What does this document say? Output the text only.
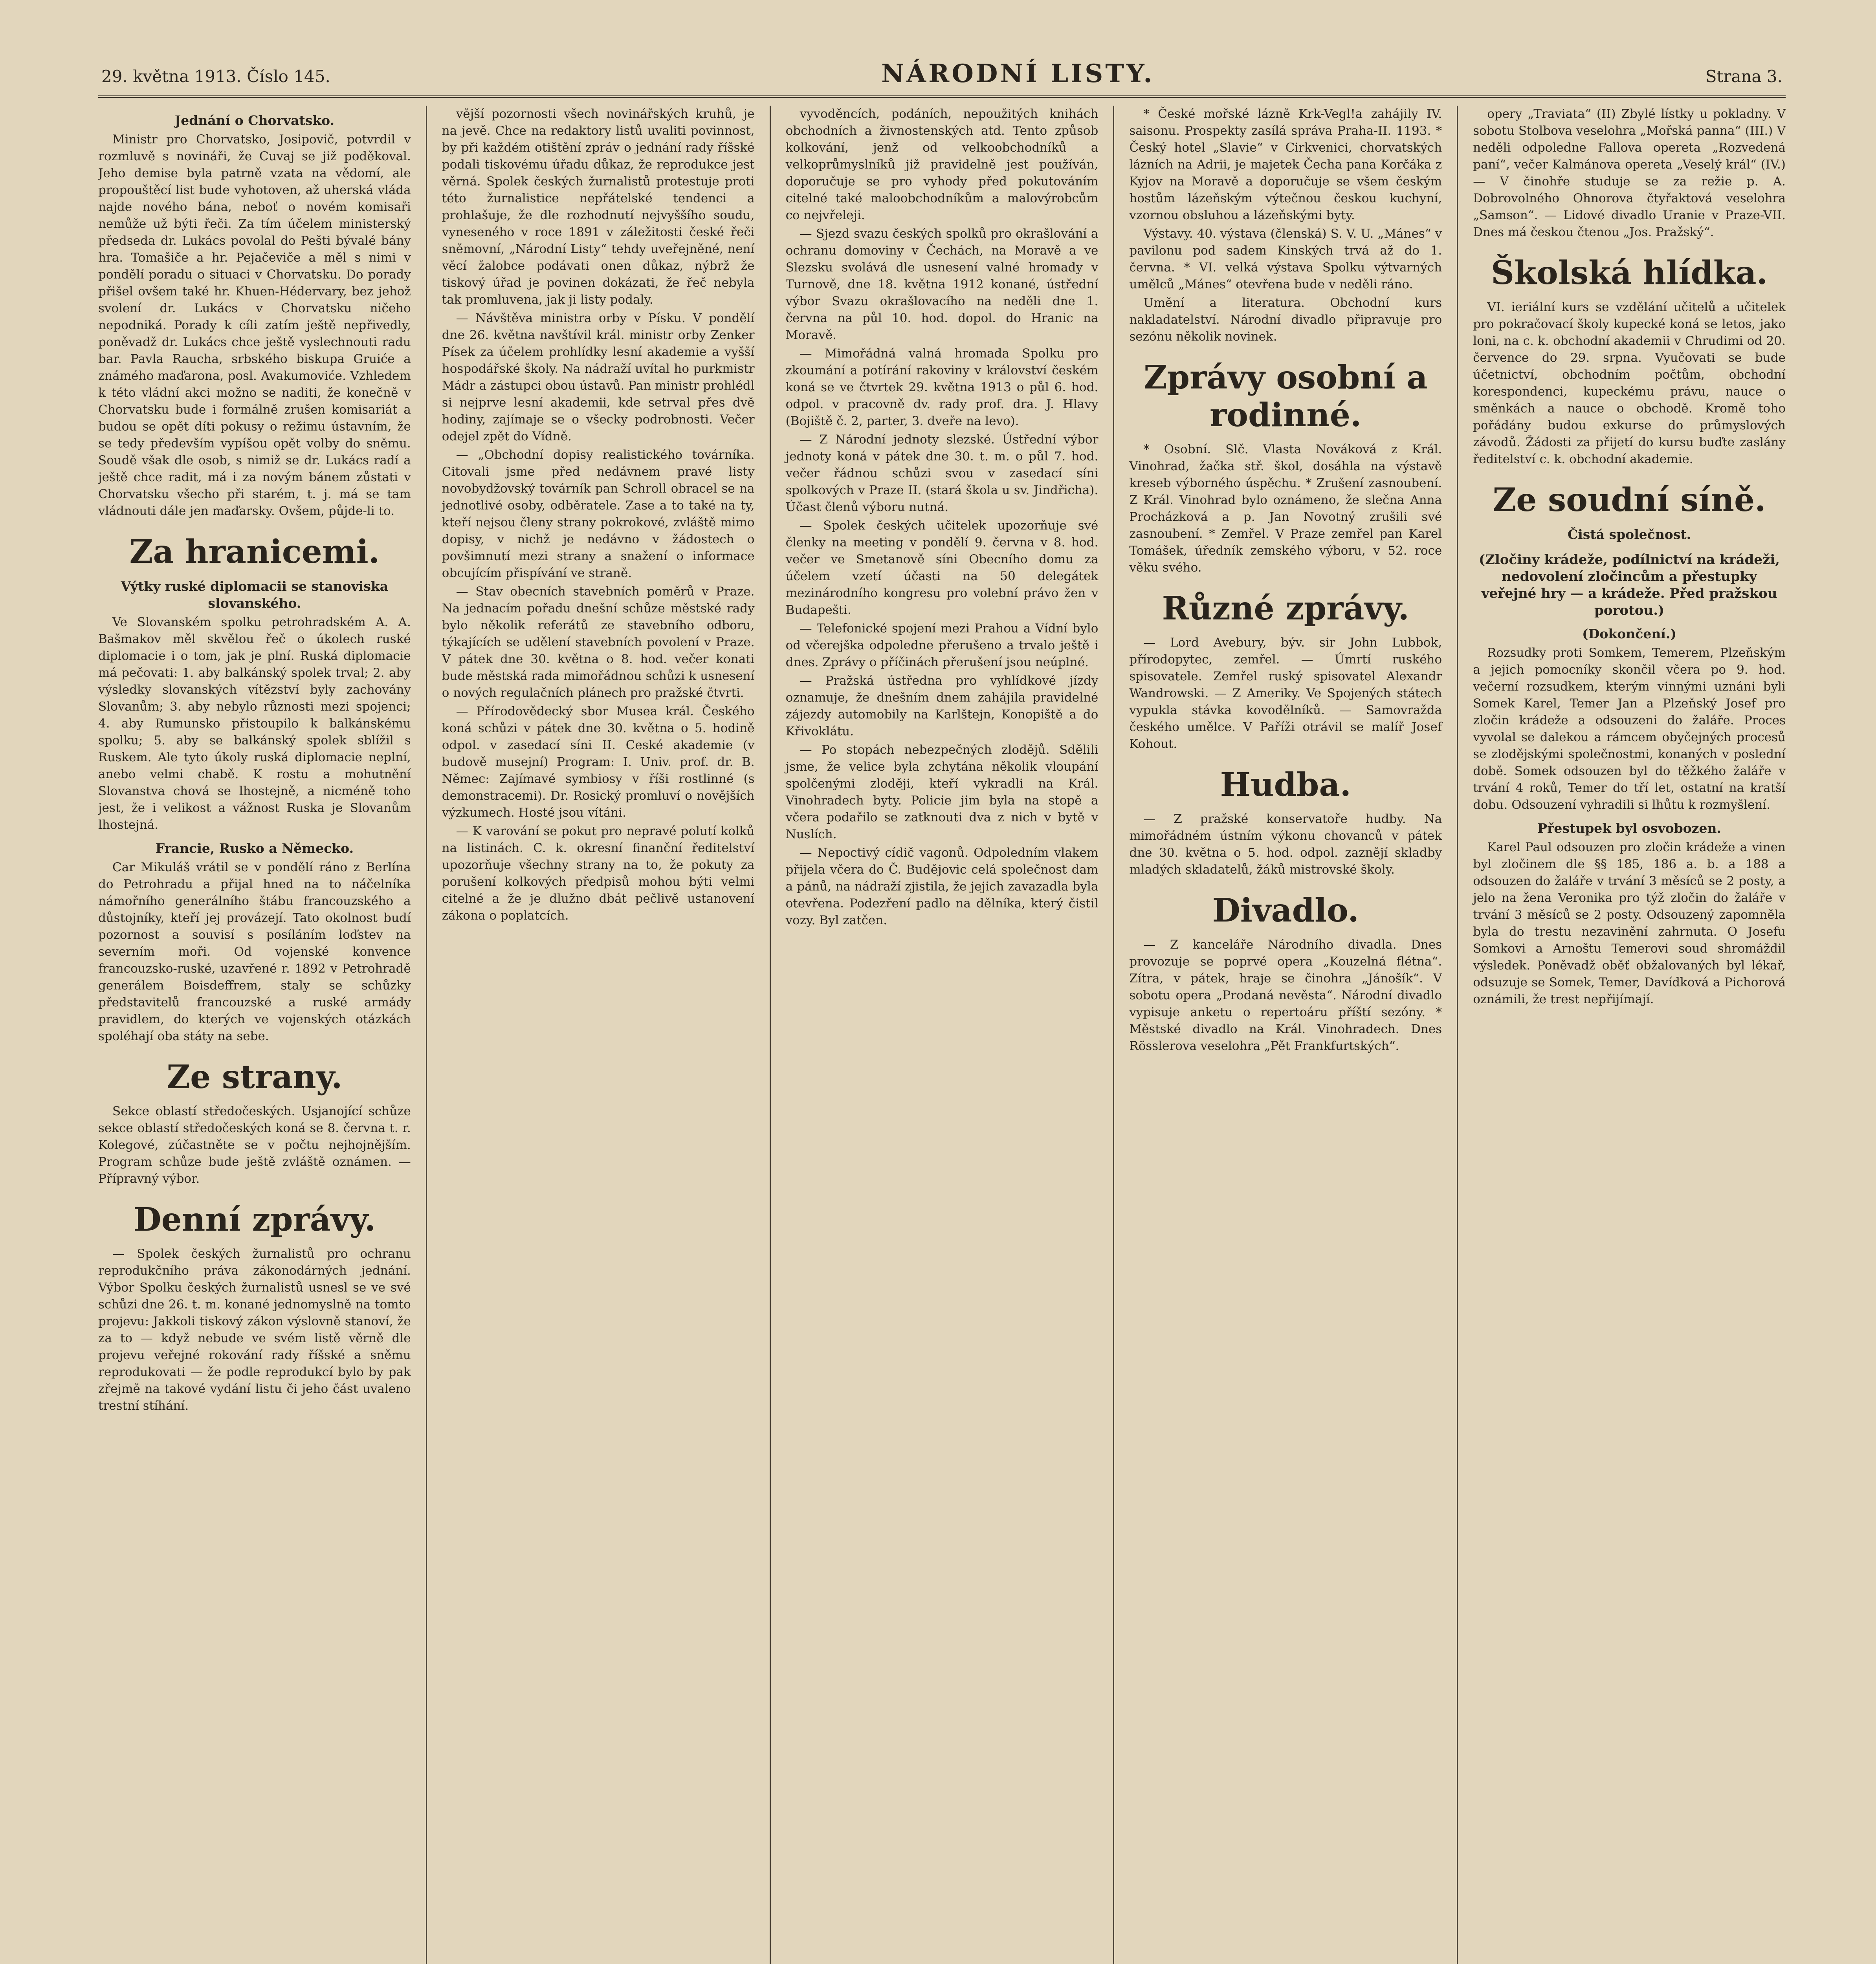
29. května 1913. Číslo 145.	NÁRODNÍ LISTY.	Strana 3.
Jednání o Chorvatsko.

Ministr pro Chorvatsko, Josipovič, potvrdil v rozmluvě s novináři, že Cuvaj se již poděkoval. Jeho demise byla patrně vzata na vědomí, ale propouštěcí list bude vyhotoven, až uherská vláda najde nového bána, neboť o novém komisaři nemůže už býti řeči. Za tím účelem ministerský předseda dr. Lukács povolal do Pešti bývalé bány hra. Tomašiče a hr. Pejačeviče a měl s nimi v pondělí poradu o situaci v Chorvatsku. Do porady přišel ovšem také hr. Khuen-Hédervary, bez jehož svolení dr. Lukács v Chorvatsku ničeho nepodniká. Porady k cíli zatím ještě nepřivedly, poněvadž dr. Lukács chce ještě vyslechnouti radu bar. Pavla Raucha, srbského biskupa Gruiće a známého maďarona, posl. Avakumoviće. Vzhledem k této vládní akci možno se naditi, že konečně v Chorvatsku bude i formálně zrušen komisariát a budou se opět díti pokusy o režimu ústavním, že se tedy především vypíšou opět volby do sněmu. Soudě však dle osob, s nimiž se dr. Lukács radí a ještě chce radit, má i za novým bánem zůstati v Chorvatsku všecho při starém, t. j. má se tam vládnouti dále jen maďarsky. Ovšem, půjde-li to.

Za hranicemi.
Výtky ruské diplomacii se stanoviska slovanského.

Ve Slovanském spolku petrohradském A. A. Bašmakov měl skvělou řeč o úkolech ruské diplomacie i o tom, jak je plní. Ruská diplomacie má pečovati: 1. aby balkánský spolek trval; 2. aby výsledky slovanských vítězství byly zachovány Slovanům; 3. aby nebylo různosti mezi spojenci; 4. aby Rumunsko přistoupilo k balkánskému spolku; 5. aby se balkánský spolek sblížil s Ruskem. Ale tyto úkoly ruská diplomacie neplní, anebo velmi chabě. K rostu a mohutnění Slovanstva chová se lhostejně, a nicméně toho jest, že i velikost a vážnost Ruska je Slovanům lhostejná.

Francie, Rusko a Německo.

Car Mikuláš vrátil se v pondělí ráno z Berlína do Petrohradu a přijal hned na to náčelníka námořního generálního štábu francouzského a důstojníky, kteří jej provázejí. Tato okolnost budí pozornost a souvisí s posíláním loďstev na severním moři. Od vojenské konvence francouzsko-ruské, uzavřené r. 1892 v Petrohradě generálem Boisdeffrem, staly se schůzky představitelů francouzské a ruské armády pravidlem, do kterých ve vojenských otázkách spoléhají oba státy na sebe.

Ze strany.

Sekce oblastí středočeských. Usjanojící schůze sekce oblastí středočeských koná se 8. června t. r. Kolegové, zúčastněte se v počtu nejhojnějším. Program schůze bude ještě zvláště oznámen. — Přípravný výbor.

Denní zprávy.

— Spolek českých žurnalistů pro ochranu reprodukčního práva zákonodárných jednání. Výbor Spolku českých žurnalistů usnesl se ve své schůzi dne 26. t. m. konané jednomyslně na tomto projevu: Jakkoli tiskový zákon výslovně stanoví, že za to — když nebude ve svém listě věrně dle projevu veřejné rokování rady říšské a sněmu reprodukovati — že podle reprodukcí bylo by pak zřejmě na takové vydání listu či jeho část uvaleno trestní stíhání.

vější pozornosti všech novinářských kruhů, je na jevě. Chce na redaktory listů uvaliti povinnost, by při každém otištění zpráv o jednání rady říšské podali tiskovému úřadu důkaz, že reprodukce jest věrná. Spolek českých žurnalistů protestuje proti této žurnalistice nepřátelské tendenci a prohlašuje, že dle rozhodnutí nejvyššího soudu, vyneseného v roce 1891 v záležitosti české řeči sněmovní, „Národní Listy“ tehdy uveřejněné, není věcí žalobce podávati onen důkaz, nýbrž že tiskový úřad je povinen dokázati, že řeč nebyla tak promluvena, jak ji listy podaly.

— Návštěva ministra orby v Písku. V pondělí dne 26. května navštívil král. ministr orby Zenker Písek za účelem prohlídky lesní akademie a vyšší hospodářské školy. Na nádraží uvítal ho purkmistr Mádr a zástupci obou ústavů. Pan ministr prohlédl si nejprve lesní akademii, kde setrval přes dvě hodiny, zajímaje se o všecky podrobnosti. Večer odejel zpět do Vídně.

— „Obchodní dopisy realistického továrníka. Citovali jsme před nedávnem pravé listy novobydžovský továrník pan Schroll obracel se na jednotlivé osoby, odběratele. Zase a to také na ty, kteří nejsou členy strany pokrokové, zvláště mimo dopisy, v nichž je nedávno v žádostech o povšimnutí mezi strany a snažení o informace obcujícím přispívání ve straně.

— Stav obecních stavebních poměrů v Praze. Na jednacím pořadu dnešní schůze městské rady bylo několik referátů ze stavebního odboru, týkajících se udělení stavebních povolení v Praze. V pátek dne 30. května o 8. hod. večer konati bude městská rada mimořádnou schůzi k usnesení o nových regulačních plánech pro pražské čtvrti.

— Přírodovědecký sbor Musea král. Českého koná schůzi v pátek dne 30. května o 5. hodině odpol. v zasedací síni II. Ceské akademie (v budově musejní) Program: I. Univ. prof. dr. B. Němec: Zajímavé symbiosy v říši rostlinné (s demonstracemi). Dr. Rosický promluví o novějších výzkumech. Hosté jsou vítáni.

— K varování se pokut pro nepravé polutí kolků na listinách. C. k. okresní finanční ředitelství upozorňuje všechny strany na to, že pokuty za porušení kolkových předpisů mohou býti velmi citelné a že je dlužno dbát pečlivě ustanovení zákona o poplatcích.

vyvoděncích, podáních, nepoužitých knihách obchodních a živnostenských atd. Tento způsob kolkování, jenž od velkoobchodníků a velkoprůmyslníků již pravidelně jest používán, doporučuje se pro vyhody před pokutováním citelné také maloobchodníkům a malovýrobcům co nejvřeleji.

— Sjezd svazu českých spolků pro okrašlování a ochranu domoviny v Čechách, na Moravě a ve Slezsku svolává dle usnesení valné hromady v Turnově, dne 18. května 1912 konané, ústřední výbor Svazu okrašlovacího na neděli dne 1. června na půl 10. hod. dopol. do Hranic na Moravě.

— Mimořádná valná hromada Spolku pro zkoumání a potírání rakoviny v království českém koná se ve čtvrtek 29. května 1913 o půl 6. hod. odpol. v pracovně dv. rady prof. dra. J. Hlavy (Bojiště č. 2, parter, 3. dveře na levo).

— Z Národní jednoty slezské. Ústřední výbor jednoty koná v pátek dne 30. t. m. o půl 7. hod. večer řádnou schůzi svou v zasedací síni spolkových v Praze II. (stará škola u sv. Jindřicha). Účast členů výboru nutná.

— Spolek českých učitelek upozorňuje své členky na meeting v pondělí 9. června v 8. hod. večer ve Smetanově síni Obecního domu za účelem vzetí účasti na 50 delegátek mezinárodního kongresu pro volební právo žen v Budapešti.

— Telefonické spojení mezi Prahou a Vídní bylo od včerejška odpoledne přerušeno a trvalo ještě i dnes. Zprávy o příčinách přerušení jsou neúplné.

— Pražská ústředna pro vyhlídkové jízdy oznamuje, že dnešním dnem zahájila pravidelné zájezdy automobily na Karlštejn, Konopiště a do Křivoklátu.

— Po stopách nebezpečných zlodějů. Sdělili jsme, že velice byla zchytána několik vloupání spolčenými zloději, kteří vykradli na Král. Vinohradech byty. Policie jim byla na stopě a včera podařilo se zatknouti dva z nich v bytě v Nuslích.

— Nepoctivý cídič vagonů. Odpoledním vlakem přijela včera do Č. Budějovic celá společnost dam a pánů, na nádraží zjistila, že jejich zavazadla byla otevřena. Podezření padlo na dělníka, který čistil vozy. Byl zatčen.

* České mořské lázně Krk-Vegl!a zahájily IV. saisonu. Prospekty zasílá správa Praha-II. 1193. * Český hotel „Slavie“ v Cirkvenici, chorvatských lázních na Adrii, je majetek Čecha pana Korčáka z Kyjov na Moravě a doporučuje se všem českým hostům lázeňským výtečnou českou kuchyní, vzornou obsluhou a lázeňskými byty.

Výstavy. 40. výstava (členská) S. V. U. „Mánes“ v pavilonu pod sadem Kinských trvá až do 1. června. * VI. velká výstava Spolku výtvarných umělců „Mánes“ otevřena bude v neděli ráno.

Umění a literatura. Obchodní kurs nakladatelství. Národní divadlo připravuje pro sezónu několik novinek.

Zprávy osobní a rodinné.

* Osobní. Slč. Vlasta Nováková z Král. Vinohrad, žačka stř. škol, dosáhla na výstavě kreseb výborného úspěchu. * Zrušení zasnoubení. Z Král. Vinohrad bylo oznámeno, že slečna Anna Procházková a p. Jan Novotný zrušili své zasnoubení. * Zemřel. V Praze zemřel pan Karel Tomášek, úředník zemského výboru, v 52. roce věku svého.

Různé zprávy.

— Lord Avebury, býv. sir John Lubbok, přírodopytec, zemřel. — Úmrtí ruského spisovatele. Zemřel ruský spisovatel Alexandr Wandrowski. — Z Ameriky. Ve Spojených státech vypukla stávka kovodělníků. — Samovražda českého umělce. V Paříži otrávil se malíř Josef Kohout.

Hudba.

— Z pražské konservatoře hudby. Na mimořádném ústním výkonu chovanců v pátek dne 30. května o 5. hod. odpol. zaznějí skladby mladých skladatelů, žáků mistrovské školy.

Divadlo.

— Z kanceláře Národního divadla. Dnes provozuje se poprvé opera „Kouzelná flétna“. Zítra, v pátek, hraje se činohra „Jánošík“. V sobotu opera „Prodaná nevěsta“. Národní divadlo vypisuje anketu o repertoáru příští sezóny. * Městské divadlo na Král. Vinohradech. Dnes Rösslerova veselohra „Pět Frankfurtských“.

opery „Traviata“ (II) Zbylé lístky u pokladny. V sobotu Stolbova veselohra „Mořská panna“ (III.) V neděli odpoledne Fallova opereta „Rozvedená paní“, večer Kalmánova opereta „Veselý král“ (IV.) — V činohře studuje se za režie p. A. Dobrovolného Ohnorova čtyřaktová veselohra „Samson“. — Lidové divadlo Uranie v Praze-VII. Dnes má českou čtenou „Jos. Pražský“.

Školská hlídka.

VI. ieriální kurs se vzdělání učitelů a učitelek pro pokračovací školy kupecké koná se letos, jako loni, na c. k. obchodní akademii v Chrudimi od 20. července do 29. srpna. Vyučovati se bude účetnictví, obchodním počtům, obchodní korespondenci, kupeckému právu, nauce o směnkách a nauce o obchodě. Kromě toho pořádány budou exkurse do průmyslových závodů. Žádosti za přijetí do kursu buďte zaslány ředitelství c. k. obchodní akademie.

Ze soudní síně.
Čistá společnost.
(Zločiny krádeže, podílnictví na krádeži, nedovolení zločincům a přestupky veřejné hry — a krádeže. Před pražskou porotou.)
(Dokončení.)

Rozsudky proti Somkem, Temerem, Plzeňským a jejich pomocníky skončil včera po 9. hod. večerní rozsudkem, kterým vinnými uznáni byli Somek Karel, Temer Jan a Plzeňský Josef pro zločin krádeže a odsouzeni do žaláře. Proces vyvolal se dalekou a rámcem obyčejných procesů se zlodějskými společnostmi, konaných v poslední době. Somek odsouzen byl do těžkého žaláře v trvání 4 roků, Temer do tří let, ostatní na kratší dobu. Odsouzení vyhradili si lhůtu k rozmyšlení.

Přestupek byl osvobozen.

Karel Paul odsouzen pro zločin krádeže a vinen byl zločinem dle §§ 185, 186 a. b. a 188 a odsouzen do žaláře v trvání 3 měsíců se 2 posty, a jelo na žena Veronika pro týž zločin do žaláře v trvání 3 měsíců se 2 posty. Odsouzený zapomněla byla do trestu nezavinění zahrnuta. O Josefu Somkovi a Arnoštu Temerovi soud shromáždil výsledek. Poněvadž oběť obžalovaných byl lékař, odsuzuje se Somek, Temer, Davídková a Pichorová oznámili, že trest nepřijímají.
